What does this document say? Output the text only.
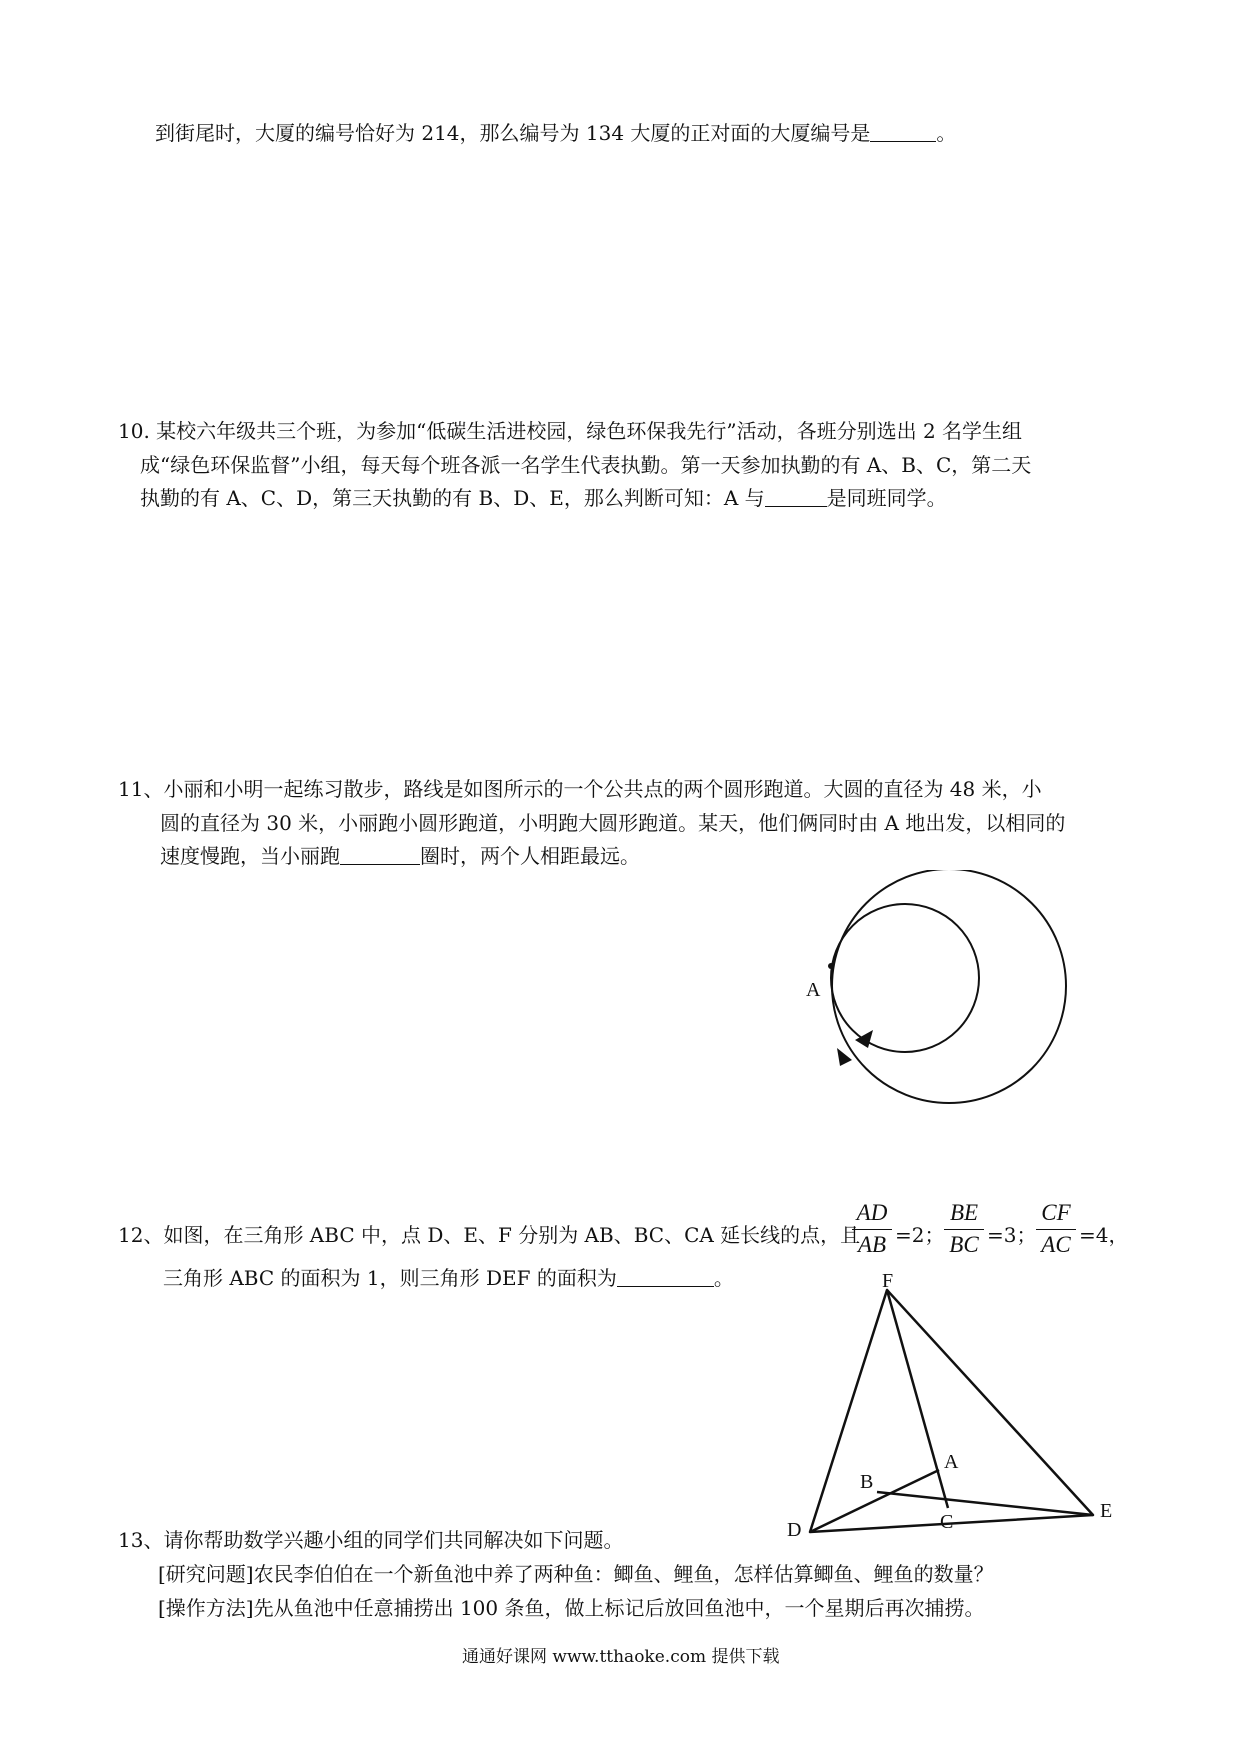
到街尾时，大厦的编号恰好为 214，那么编号为 134 大厦的正对面的大厦编号是	。
10. 某校六年级共三个班，为参加“低碳生活进校园，绿色环保我先行”活动，各班分别选出 2 名学生组
成“绿色环保监督”小组，每天每个班各派一名学生代表执勤。第一天参加执勤的有 A、B、C，第二天
执勤的有 A、C、D，第三天执勤的有 B、D、E，那么判断可知：A 与	是同班同学。
11、小丽和小明一起练习散步，路线是如图所示的一个公共点的两个圆形跑道。大圆的直径为 48 米，小
圆的直径为 30 米，小丽跑小圆形跑道，小明跑大圆形跑道。某天，他们俩同时由 A 地出发，以相同的
速度慢跑，当小丽跑	圈时，两个人相距最远。
A
12、如图，在三角形 ABC 中，点 D、E、F 分别为 AB、BC、CA 延长线的点，且
AD
AB =2；
BE
BC =3；
CF
AC =4，
三角形 ABC 的面积为 1，则三角形 DEF 的面积为	。	F
A
B
C
D
E
13、请你帮助数学兴趣小组的同学们共同解决如下问题。
[研究问题]农民李伯伯在一个新鱼池中养了两种鱼：鲫鱼、鲤鱼，怎样估算鲫鱼、鲤鱼的数量？
[操作方法]先从鱼池中任意捕捞出 100 条鱼，做上标记后放回鱼池中，一个星期后再次捕捞。
通通好课网 www.tthaoke.com 提供下载
